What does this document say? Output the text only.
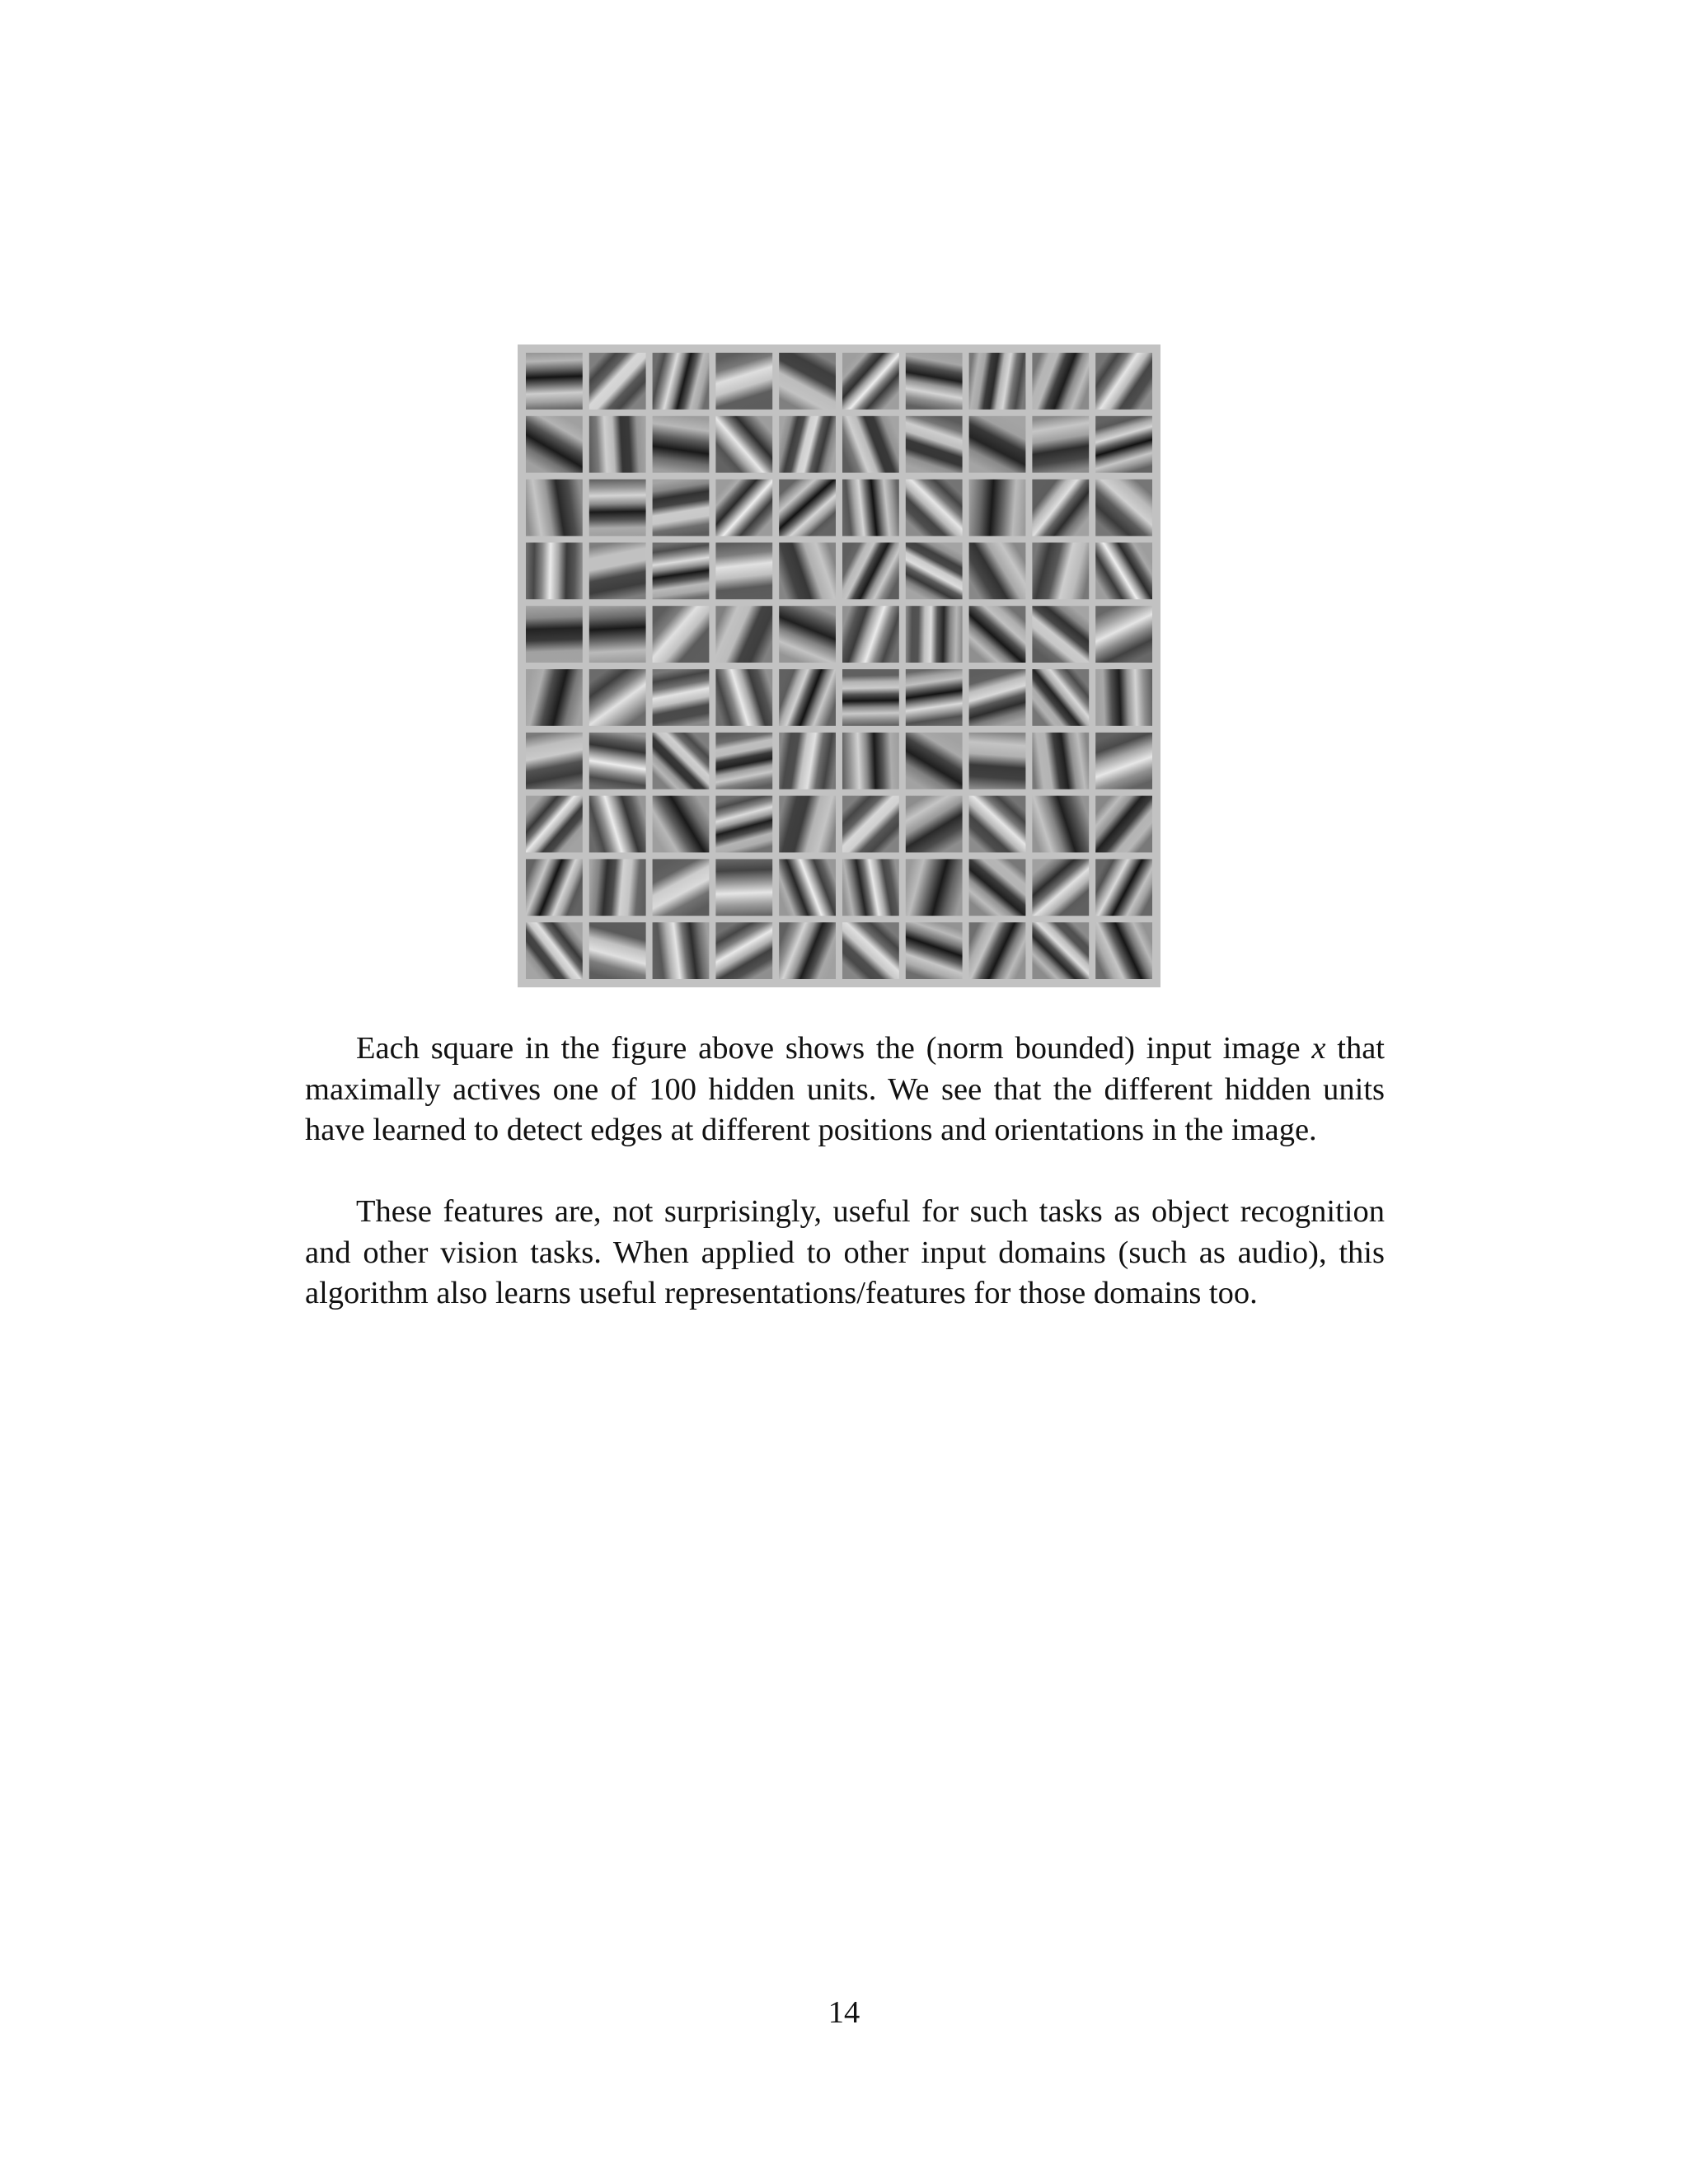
Each square in the figure above shows the (norm bounded) input image x that maximally actives one of 100 hidden units. We see that the different hidden units have learned to detect edges at different positions and orientations in the image.

These features are, not surprisingly, useful for such tasks as object recognition and other vision tasks. When applied to other input domains (such as audio), this algorithm also learns useful representations/features for those domains too.

14
